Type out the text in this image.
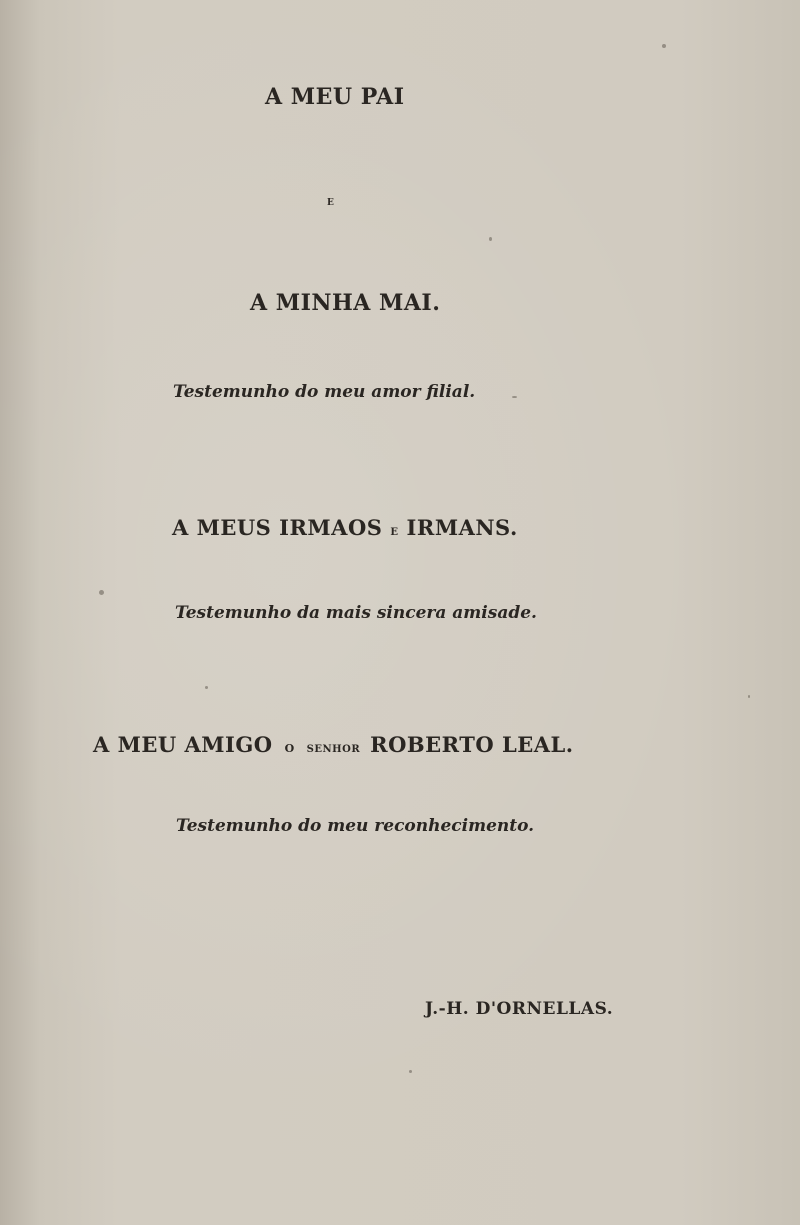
A MEU PAI
E
A MINHA MAI.
Testemunho do meu amor filial.
A MEUS IRMAOS E IRMANS.
Testemunho da mais sincera amisade.
A MEU AMIGO O SENHOR ROBERTO LEAL.
Testemunho do meu reconhecimento.
J.-H. D'ORNELLAS.
